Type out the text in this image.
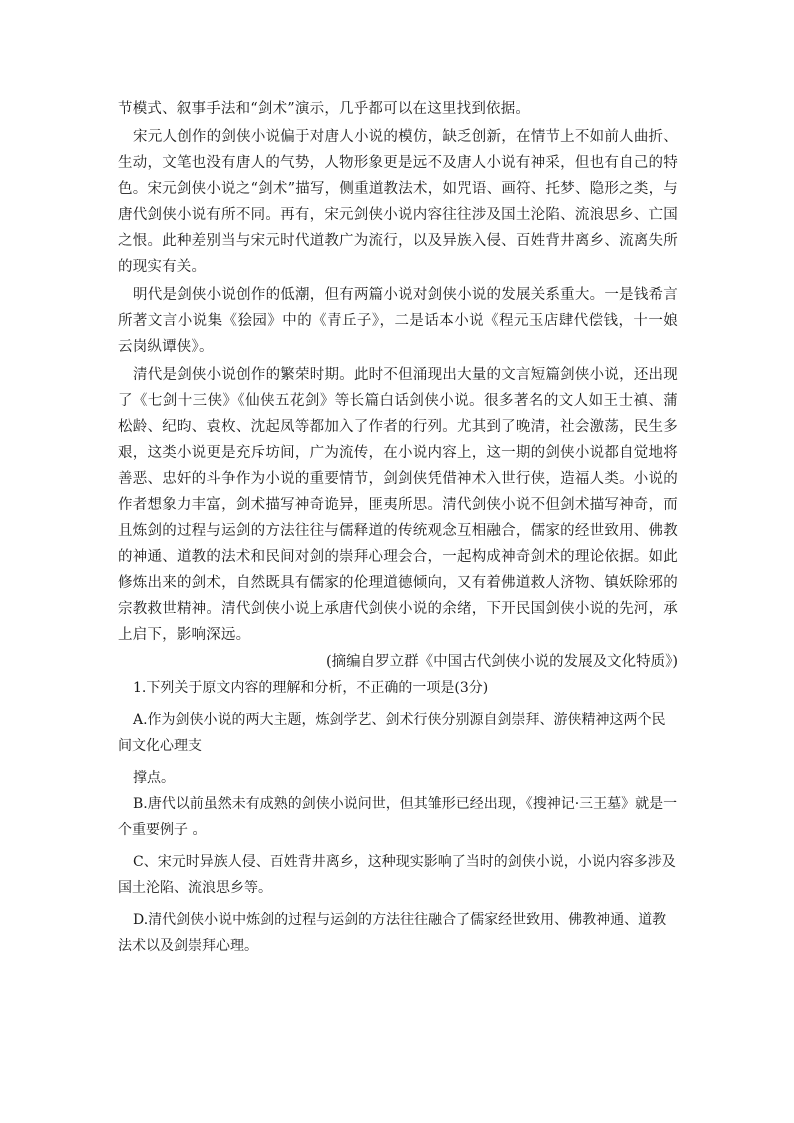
节模式、叙事手法和“剑术”演示，几乎都可以在这里找到依据。

宋元人创作的剑侠小说偏于对唐人小说的模仿，缺乏创新，在情节上不如前人曲折、生动，文笔也没有唐人的气势，人物形象更是远不及唐人小说有神采，但也有自己的特色。宋元剑侠小说之“剑术”描写，侧重道教法术，如咒语、画符、托梦、隐形之类，与唐代剑侠小说有所不同。再有，宋元剑侠小说内容往往涉及国土沦陷、流浪思乡、亡国之恨。此种差别当与宋元时代道教广为流行，以及异族入侵、百姓背井离乡、流离失所的现实有关。

明代是剑侠小说创作的低潮，但有两篇小说对剑侠小说的发展关系重大。一是钱希言所著文言小说集《狯园》中的《青丘子》，二是话本小说《程元玉店肆代偿钱，十一娘云岗纵谭侠》。

清代是剑侠小说创作的繁荣时期。此时不但涌现出大量的文言短篇剑侠小说，还出现了《七剑十三侠》《仙侠五花剑》等长篇白话剑侠小说。很多著名的文人如王士禛、蒲松龄、纪昀、袁枚、沈起凤等都加入了作者的行列。尤其到了晚清，社会激荡，民生多艰，这类小说更是充斥坊间，广为流传，在小说内容上，这一期的剑侠小说都自觉地将善恶、忠奸的斗争作为小说的重要情节，剑剑侠凭借神术入世行侠，造福人类。小说的作者想象力丰富，剑术描写神奇诡异，匪夷所思。清代剑侠小说不但剑术描写神奇，而且炼剑的过程与运剑的方法往往与儒释道的传统观念互相融合，儒家的经世致用、佛教的神通、道教的法术和民间对剑的崇拜心理会合，一起构成神奇剑术的理论依据。如此修炼出来的剑术，自然既具有儒家的伦理道德倾向，又有着佛道救人济物、镇妖除邪的宗教救世精神。清代剑侠小说上承唐代剑侠小说的余绪，下开民国剑侠小说的先河，承上启下，影响深远。

(摘编自罗立群《中国古代剑侠小说的发展及文化特质》)

1.下列关于原文内容的理解和分析，不正确的一项是(3分)

A.作为剑侠小说的两大主题，炼剑学艺、剑术行侠分别源自剑崇拜、游侠精神这两个民间文化心理支

撑点。

B.唐代以前虽然未有成熟的剑侠小说问世，但其雏形已经出现，《搜神记·三王墓》就是一个重要例子 。

C、宋元时异族人侵、百姓背井离乡，这种现实影响了当时的剑侠小说，小说内容多涉及国土沦陷、流浪思乡等。

D.清代剑侠小说中炼剑的过程与运剑的方法往往融合了儒家经世致用、佛教神通、道教法术以及剑崇拜心理。
